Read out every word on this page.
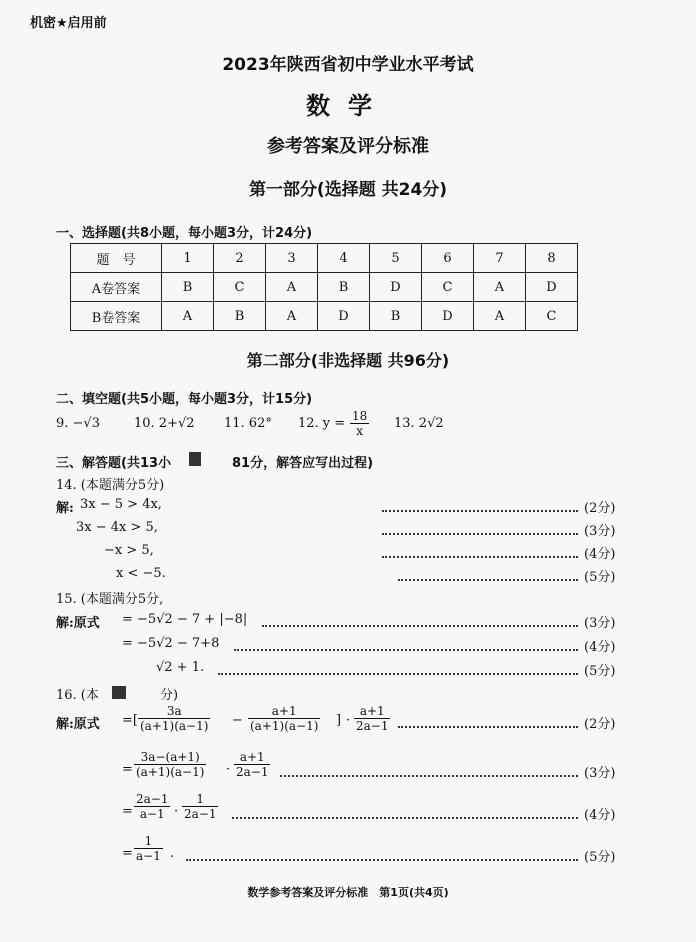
机密★启用前
2023年陕西省初中学业水平考试
数学
参考答案及评分标准
第一部分(选择题 共24分)
一、选择题(共8小题，每小题3分，计24分)
题　号	1	2	3	4	5	6	7	8
A卷答案	B	C	A	B	D	C	A	D
B卷答案	A	B	A	D	B	D	A	C
第二部分(非选择题 共96分)
二、填空题(共5小题，每小题3分，计15分)
9. −√3	10. 2+√2 11. 62° 12. $y = \frac{18}{x} 13$. 2√2
三、解答题(共13小	81分，解答应写出过程)
14. (本题满分5分)
解: 3x − 5 > 4x,	(2分)
3x − 4x > 5,	(3分)
−x > 5,	(4分)
x < −5.	(5分)
15. (本题满分5分,
解:原式 = −5√2 − 7 + |−8|	(3分)
= −5√2 − 7+8	(4分)
√2 + 1.	(5分)
16. (本	分)
解:原式 =[ $\frac{3a}{(a+1)(a-1)} - \frac{a+1}{(a+1)(a-1)}$ ] · $\frac{a+1}{2a-1}$	(2分)
= $\frac{3a-(a+1)}{(a+1)(a-1)} \cdot \frac{a+1}{2a-1}$	(3分)
= $\frac{2a-1}{a-1} \cdot \frac{1}{2a-1}$	(4分)
= $\frac{1}{a-1}$ .	(5分)
数学参考答案及评分标准　第1页(共4页)
